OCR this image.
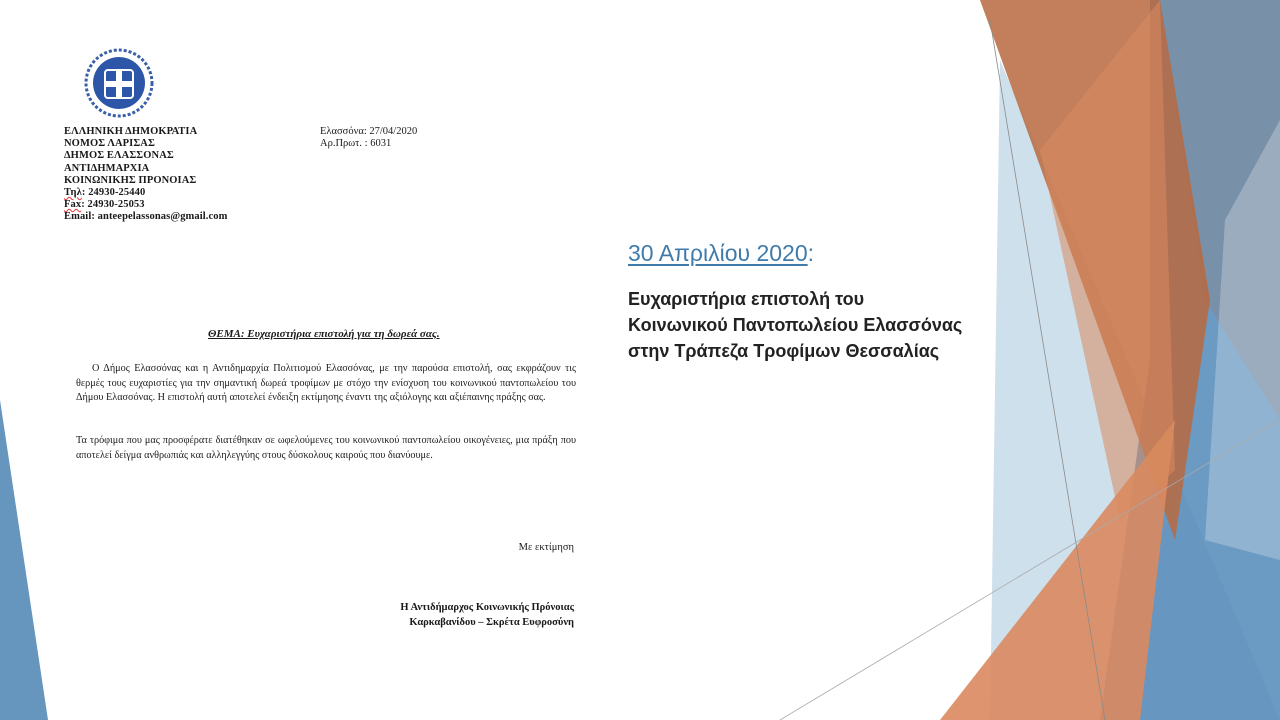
ΕΛΛΗΝΙΚΗ ΔΗΜΟΚΡΑΤΙΑ
ΝΟΜΟΣ ΛΑΡΙΣΑΣ
ΔΗΜΟΣ ΕΛΑΣΣΟΝΑΣ
ΑΝΤΙΔΗΜΑΡΧΙΑ
ΚΟΙΝΩΝΙΚΗΣ ΠΡΟΝΟΙΑΣ
Τηλ: 24930-25440
Fax: 24930-25053
Email: anteepelassonas@gmail.com
Ελασσόνα: 27/04/2020
Αρ.Πρωτ. : 6031
ΘΕΜΑ: Ευχαριστήρια επιστολή για τη δωρεά σας.
Ο Δήμος Ελασσόνας και η Αντιδημαρχία Πολιτισμού Ελασσόνας, με την παρούσα επιστολή, σας εκφράζουν τις θερμές τους ευχαριστίες για την σημαντική δωρεά τροφίμων με στόχο την ενίσχυση του κοινωνικού παντοπωλείου του Δήμου Ελασσόνας. Η επιστολή αυτή αποτελεί ένδειξη εκτίμησης έναντι της αξιόλογης και αξιέπαινης πράξης σας.
Τα τρόφιμα που μας προσφέρατε διατέθηκαν σε ωφελούμενες του κοινωνικού παντοπωλείου οικογένειες, μια πράξη που αποτελεί δείγμα ανθρωπιάς και αλληλεγγύης στους δύσκολους καιρούς που διανύουμε.
Με εκτίμηση
Η Αντιδήμαρχος Κοινωνικής Πρόνοιας
Καρκαβανίδου – Σκρέτα Ευφροσύνη
30 Απριλίου 2020:
Ευχαριστήρια επιστολή του
Κοινωνικού Παντοπωλείου Ελασσόνας
στην Τράπεζα Τροφίμων Θεσσαλίας
